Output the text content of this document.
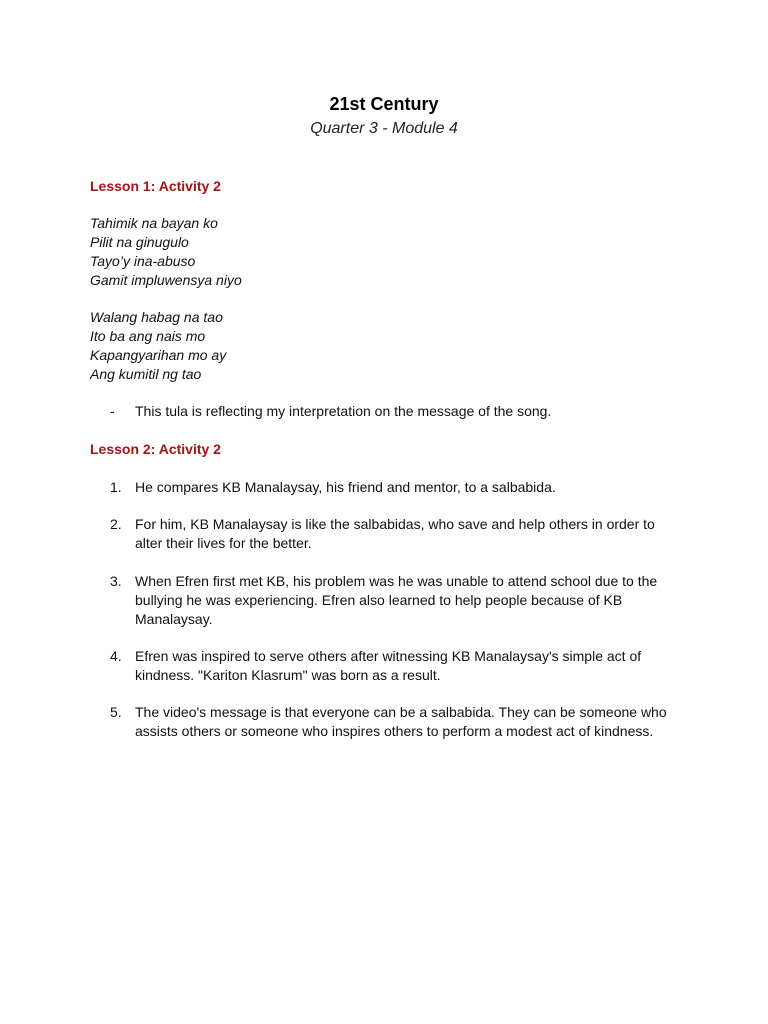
21st Century
Quarter 3 - Module 4
Lesson 1: Activity 2
Tahimik na bayan ko
Pilit na ginugulo
Tayo’y ina-abuso
Gamit impluwensya niyo
Walang habag na tao
Ito ba ang nais mo
Kapangyarihan mo ay
Ang kumitil ng tao
- This tula is reflecting my interpretation on the message of the song.
Lesson 2: Activity 2
1. He compares KB Manalaysay, his friend and mentor, to a salbabida.
2. For him, KB Manalaysay is like the salbabidas, who save and help others in order to alter their lives for the better.
3. When Efren first met KB, his problem was he was unable to attend school due to the bullying he was experiencing. Efren also learned to help people because of KB Manalaysay.
4. Efren was inspired to serve others after witnessing KB Manalaysay's simple act of kindness. "Kariton Klasrum" was born as a result.
5. The video's message is that everyone can be a salbabida. They can be someone who assists others or someone who inspires others to perform a modest act of kindness.
